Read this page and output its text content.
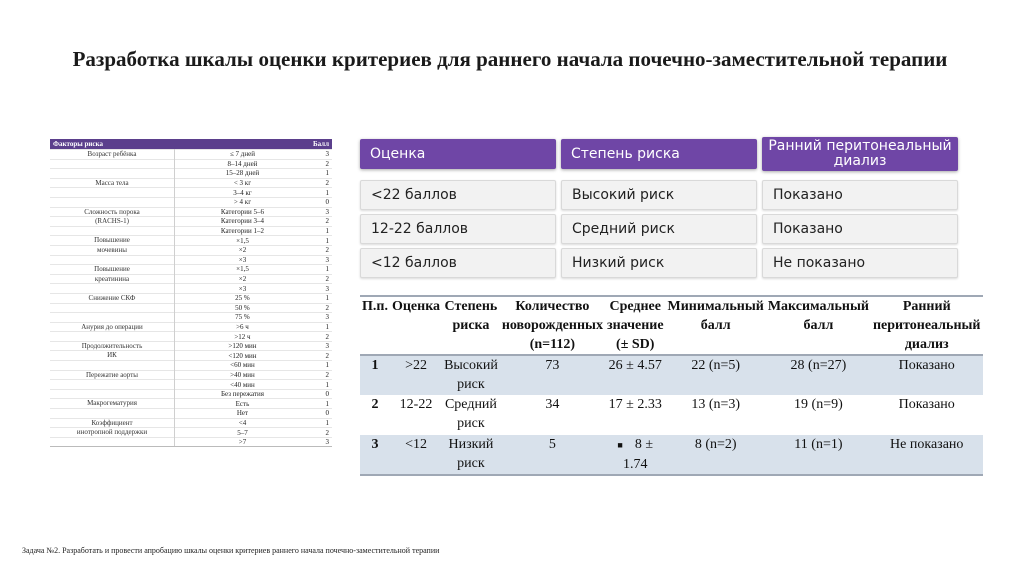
Разработка шкалы оценки критериев для раннего начала почечно-заместительной терапии
Факторы риска		Балл
Возраст ребёнка	≤ 7 дней	3
	8–14 дней	2
	15–28 дней	1
Масса тела	< 3 кг	2
	3–4 кг	1
	> 4 кг	0
Сложность порока	Категории 5–6	3
(RACHS-1)	Категории 3–4	2
	Категории 1–2	1
Повышение	×1,5	1
мочевины	×2	2
	×3	3
Повышение	×1,5	1
креатинина	×2	2
	×3	3
Снижение СКФ	25 %	1
	50 %	2
	75 %	3
Анурия до операции	>6 ч	1
	>12 ч	2
Продолжительность	>120 мин	3
ИК	<120 мин	2
	<60 мин	1
Пережатие аорты	>40 мин	2
	<40 мин	1
	Без пережатия	0
Макрогематурия	Есть	1
	Нет	0
Коэффициент	<4	1
инотропной поддержки	5–7	2
	>7	3
Оценка	Степень риска	Ранний перитонеальный диализ
<22 баллов	Высокий риск	Показано
12-22 баллов	Средний риск	Показано
<12 баллов	Низкий риск	Не показано
П.п.	Оценка	Степень риска	Количество новорожденных (n=112)	Среднее значение (± SD)	Минимальный балл	Максимальный балл	Ранний перитонеальный диализ
1	>22	Высокий риск	73	26 ± 4.57	22 (n=5)	28 (n=27)	Показано
2	12-22	Средний риск	34	17 ± 2.33	13 (n=3)	19 (n=9)	Показано
3	<12	Низкий риск	5	■ 8 ± 1.74	8 (n=2)	11 (n=1)	Не показано
Задача №2. Разработать и провести апробацию шкалы оценки критериев раннего начала почечно-заместительной терапии
